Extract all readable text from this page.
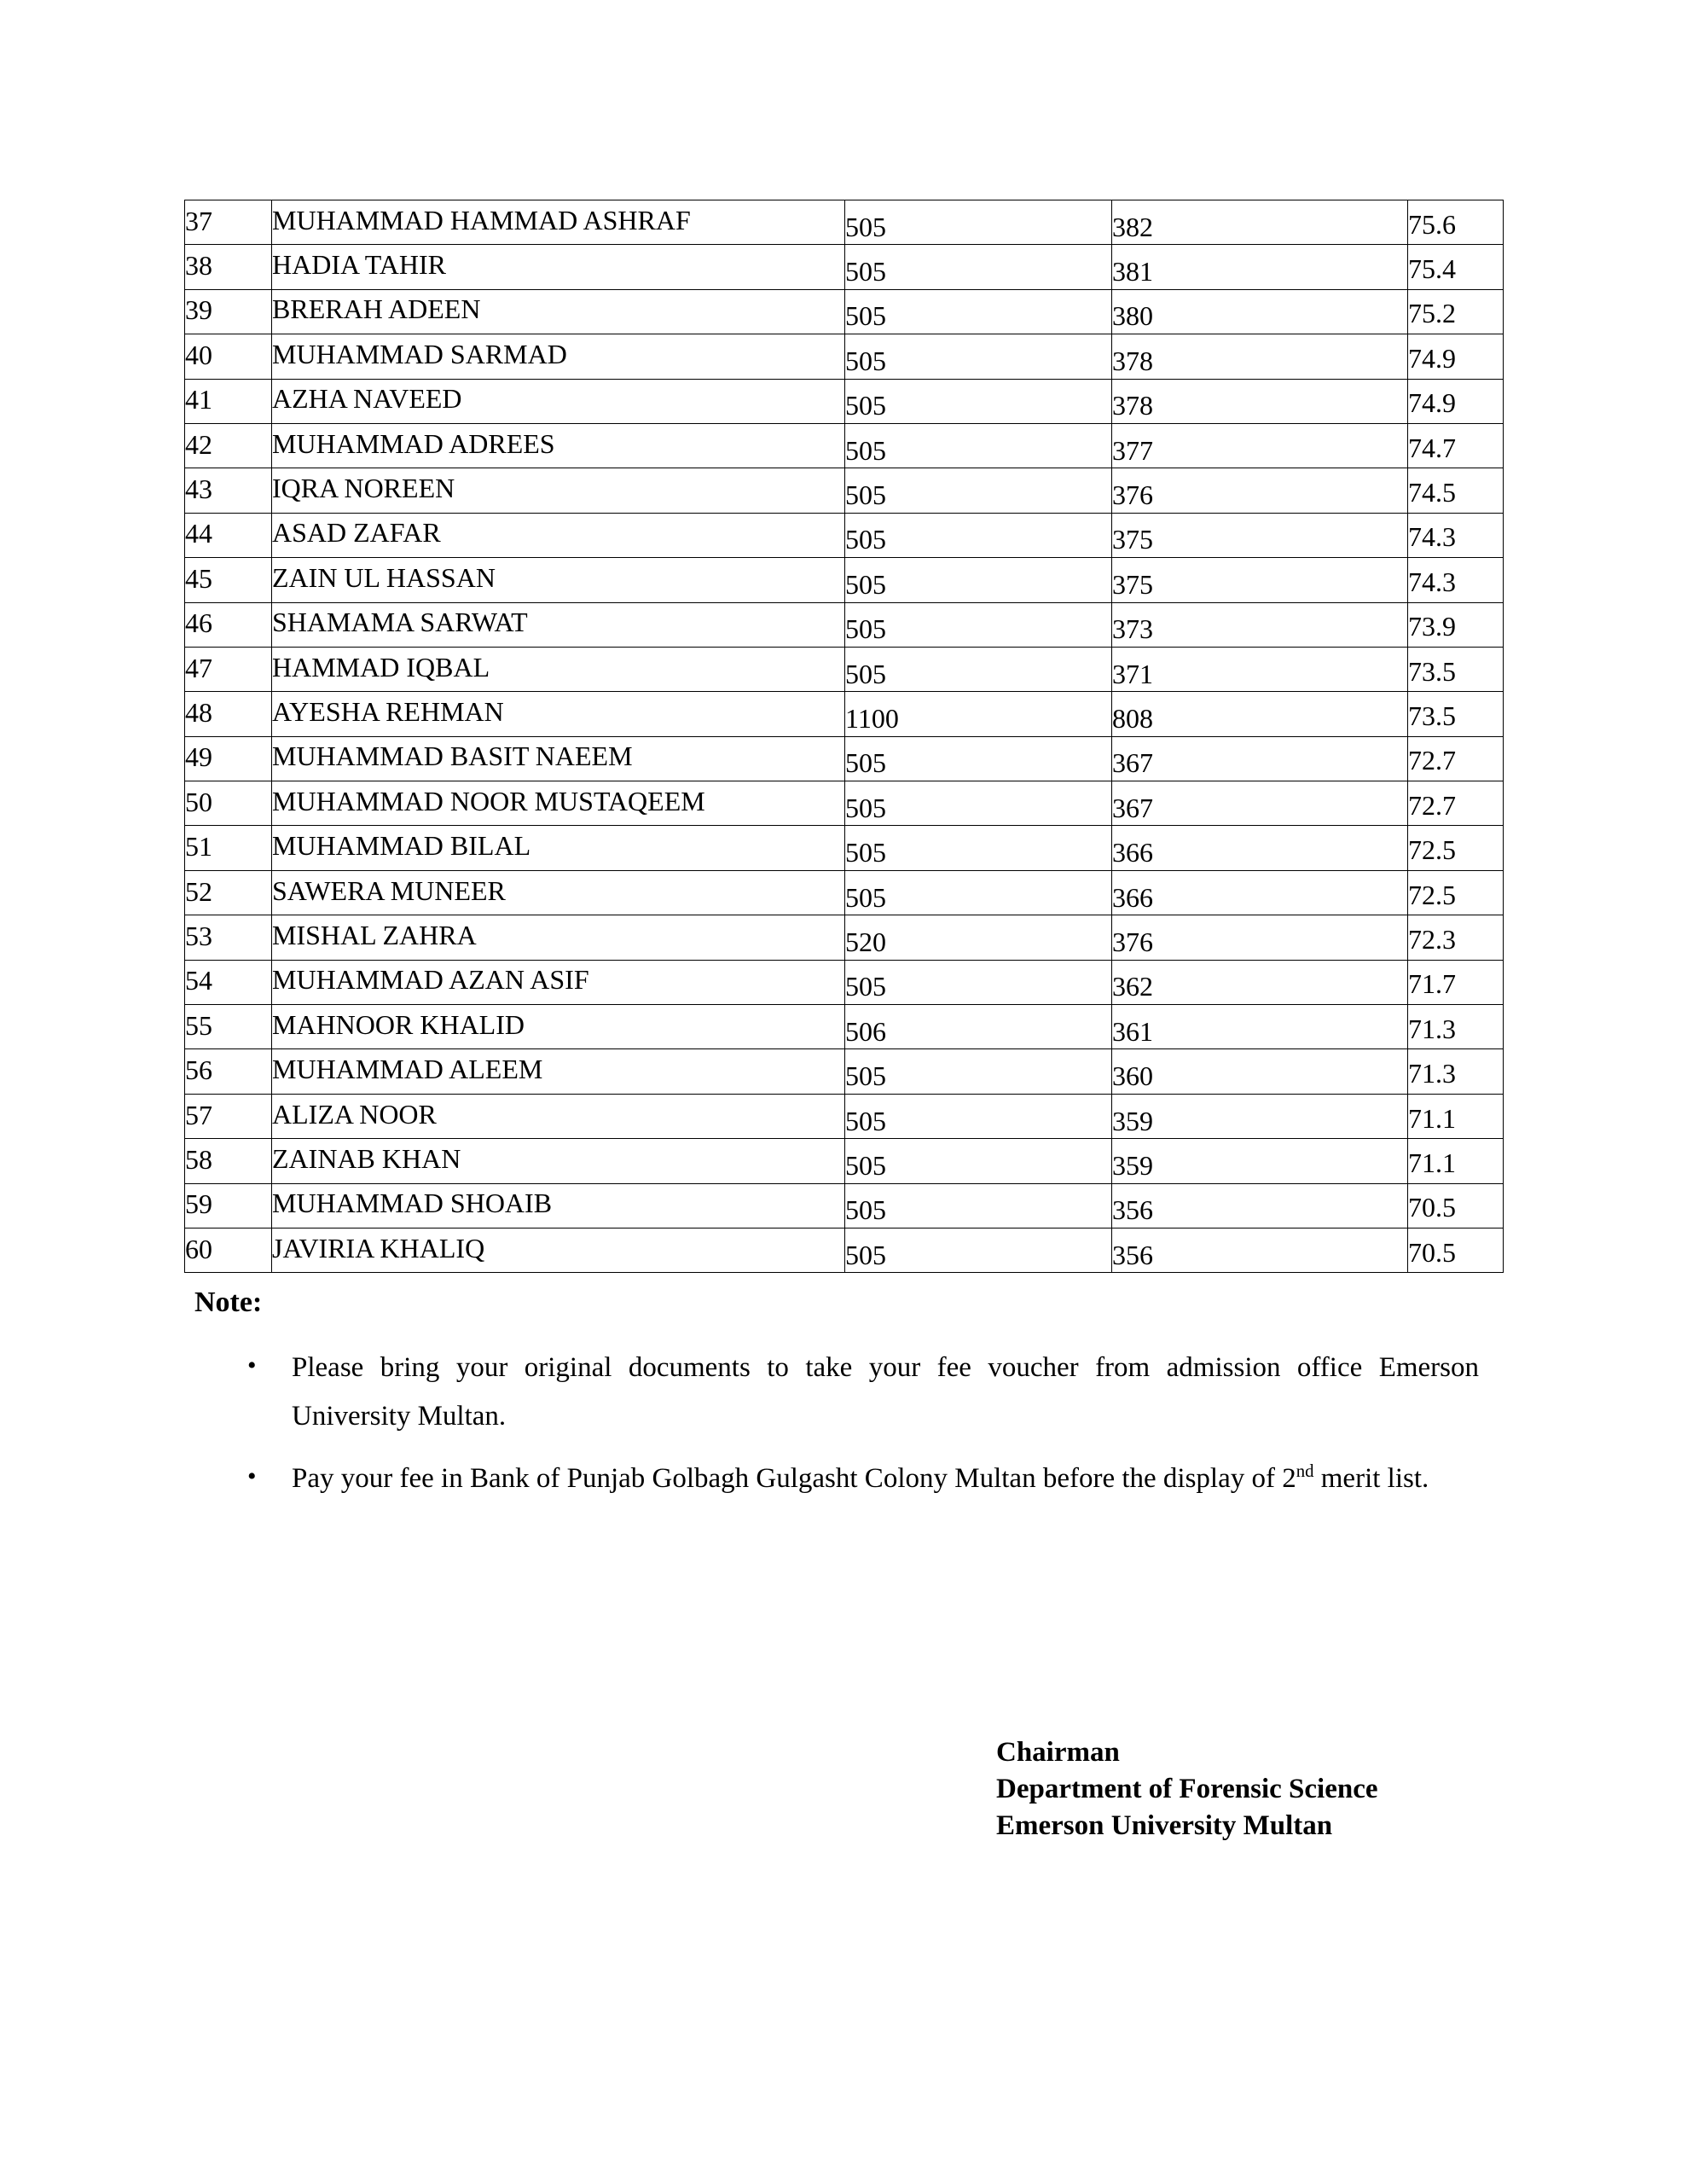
37	MUHAMMAD HAMMAD ASHRAF	505	382	75.6
38	HADIA TAHIR	505	381	75.4
39	BRERAH ADEEN	505	380	75.2
40	MUHAMMAD SARMAD	505	378	74.9
41	AZHA NAVEED	505	378	74.9
42	MUHAMMAD ADREES	505	377	74.7
43	IQRA NOREEN	505	376	74.5
44	ASAD ZAFAR	505	375	74.3
45	ZAIN UL HASSAN	505	375	74.3
46	SHAMAMA SARWAT	505	373	73.9
47	HAMMAD IQBAL	505	371	73.5
48	AYESHA REHMAN	1100	808	73.5
49	MUHAMMAD BASIT NAEEM	505	367	72.7
50	MUHAMMAD NOOR MUSTAQEEM	505	367	72.7
51	MUHAMMAD BILAL	505	366	72.5
52	SAWERA MUNEER	505	366	72.5
53	MISHAL ZAHRA	520	376	72.3
54	MUHAMMAD AZAN ASIF	505	362	71.7
55	MAHNOOR KHALID	506	361	71.3
56	MUHAMMAD ALEEM	505	360	71.3
57	ALIZA NOOR	505	359	71.1
58	ZAINAB KHAN	505	359	71.1
59	MUHAMMAD SHOAIB	505	356	70.5
60	JAVIRIA KHALIQ	505	356	70.5
Note:
• Please bring your original documents to take your fee voucher from admission office Emerson University Multan.
• Pay your fee in Bank of Punjab Golbagh Gulgasht Colony Multan before the display of 2nd merit list.
Chairman
Department of Forensic Science
Emerson University Multan
